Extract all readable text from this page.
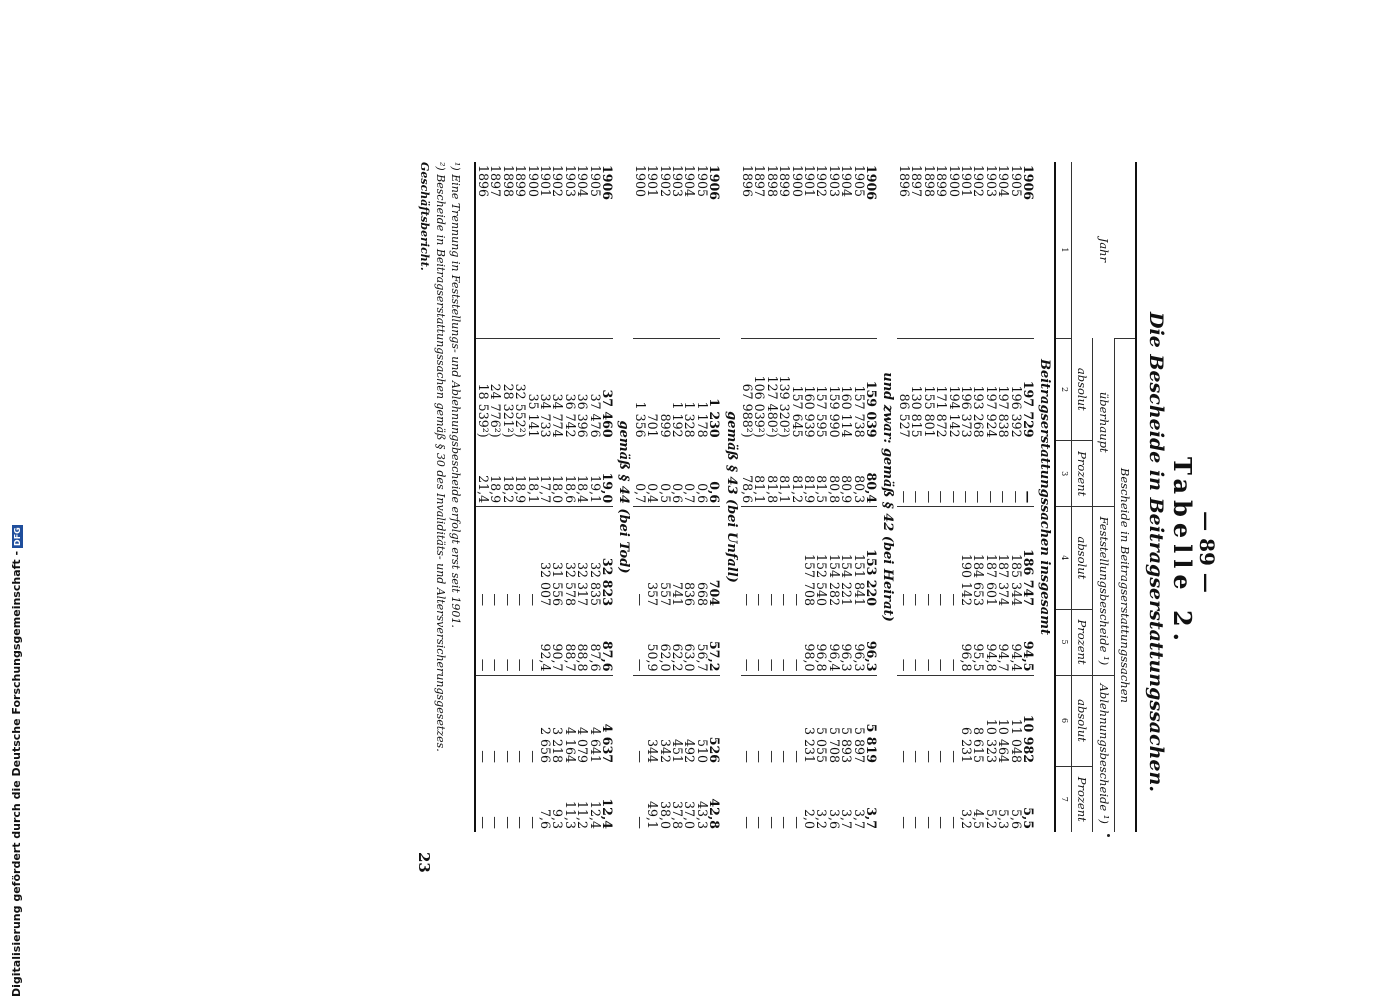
— 89 —
Tabelle 2.
Die Bescheide in Beitragserstattungssachen.
Jahr	Bescheide in Beitragserstattungssachen					
	überhaupt		Feststellungsbescheide ¹)		Ablehnungsbescheide ¹)	
	absolut	Prozent	absolut	Prozent	absolut	Prozent
1	2	3	4	5	6	7
Beitragserstattungssachen insgesamt						
1906	197 729	—	186 747	94,5	10 982	5,5
1905	196 392	—	185 344	94,4	11 048	5,6
1904	197 838	—	187 374	94,7	10 464	5,3
1903	197 924	—	187 601	94,8	10 323	5,2
1902	193 268	—	184 653	95,5	8 615	4,5
1901	196 373	—	190 142	96,8	6 231	3,2
1900	194 142	—	—	—	—	—
1899	171 872	—	—	—	—	—
1898	155 801	—	—	—	—	—
1897	130 815	—	—	—	—	—
1896	86 527	—	—	—	—	—
und zwar: gemäß § 42 (bei Heirat)						
1906	159 039	80,4	153 220	96,3	5 819	3,7
1905	157 738	80,3	151 841	96,3	5 897	3,7
1904	160 114	80,9	154 221	96,3	5 893	3,7
1903	159 990	80,8	154 282	96,4	5 708	3,6
1902	157 595	81,5	152 540	96,8	5 055	3,2
1901	160 939	81,9	157 708	98,0	3 231	2,0
1900	157 645	81,2	—	—	—	—
1899	139 320²)	81,1	—	—	—	—
1898	127 480²)	81,8	—	—	—	—
1897	106 039²)	81,1	—	—	—	—
1896	67 988²)	78,6	—	—	—	—
gemäß § 43 (bei Unfall)						
1906	1 230	0,6	704	57,2	526	42,8
1905	1 178	0,6	668	56,7	510	43,3
1904	1 328	0,7	836	63,0	492	37,0
1903	1 192	0,6	741	62,2	451	37,8
1902	899	0,5	557	62,0	342	38,0
1901	701	0,4	357	50,9	344	49,1
1900	1 356	0,7	—	—	—	—
gemäß § 44 (bei Tod)						
1906	37 460	19,0	32 823	87,6	4 637	12,4
1905	37 476	19,1	32 835	87,6	4 641	12,4
1904	36 396	18,4	32 317	88,8	4 079	11,2
1903	36 742	18,6	32 578	88,7	4 164	11,3
1902	34 774	18,0	31 556	90,7	3 218	9,3
1901	34 733	17,7	32 007	92,4	2 656	7,6
1900	35 141	18,1	—	—	—	—
1899	32 552²)	18,9	—	—	—	—
1898	28 321²)	18,2	—	—	—	—
1897	24 776²)	18,9	—	—	—	—
1896	18 539²)	21,4	—	—	—	—
¹) Eine Trennung in Feststellungs- und Ablehnungsbescheide erfolgt erst seit 1901.
²) Bescheide in Beitragserstattungssachen gemäß § 30 des Invaliditäts- und Altersversicherungsgesetzes.
Geschäftsbericht.
23
Digitalisierung gefördert durch die Deutsche Forschungsgemeinschaft -DFG
